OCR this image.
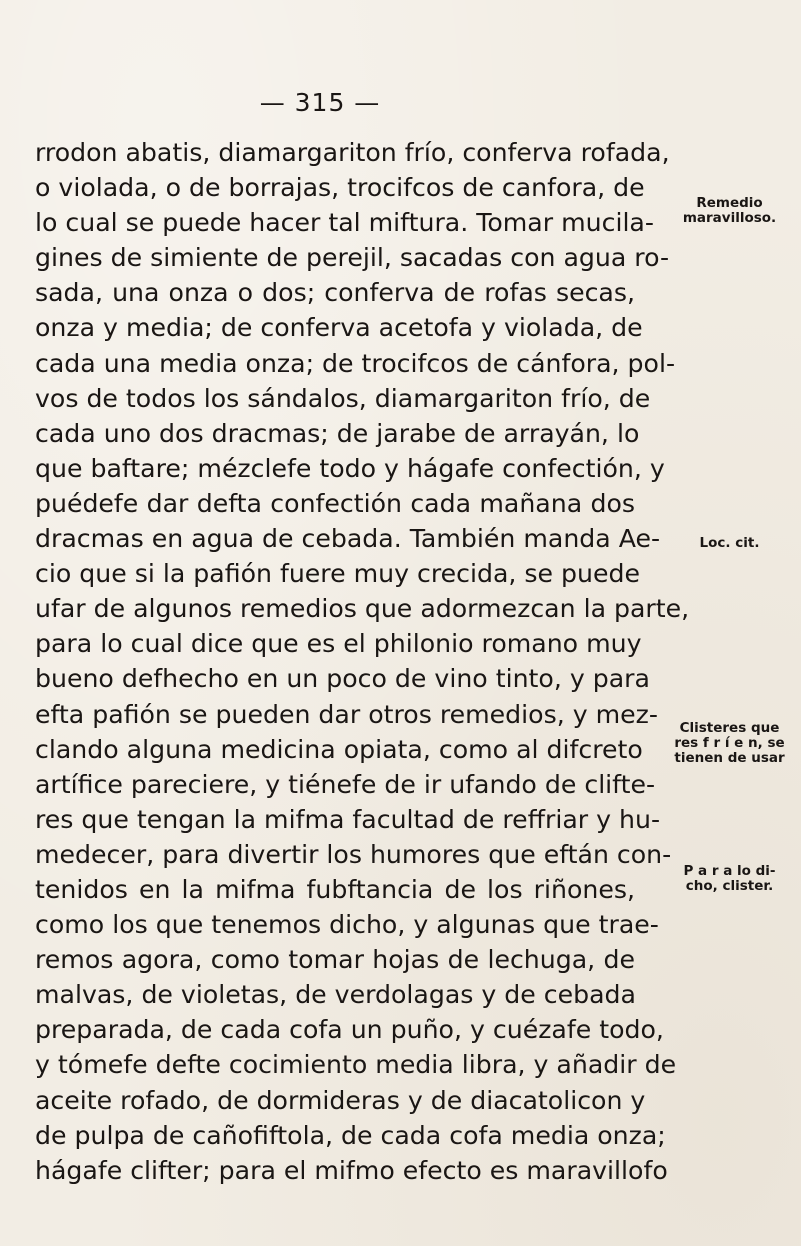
— 315 —
rrodon abatis, diamargariton frío, conferva rofada,
o violada, o de borrajas, trocifcos de canfora, de
lo cual se puede hacer tal miftura. Tomar mucila-
gines de simiente de perejil, sacadas con agua ro-
sada, una onza o dos; conferva de rofas secas,
onza y media; de conferva acetofa y violada, de
cada una media onza; de trocifcos de cánfora, pol-
vos de todos los sándalos, diamargariton frío, de
cada uno dos dracmas; de jarabe de arrayán, lo
que baftare; mézclefe todo y hágafe confectión, y
puédefe dar defta confectión cada mañana dos
dracmas en agua de cebada. También manda Ae-
cio que si la pafión fuere muy crecida, se puede
ufar de algunos remedios que adormezcan la parte,
para lo cual dice que es el philonio romano muy
bueno defhecho en un poco de vino tinto, y para
efta pafión se pueden dar otros remedios, y mez-
clando alguna medicina opiata, como al difcreto
artífice pareciere, y tiénefe de ir ufando de clifte-
res que tengan la mifma facultad de reffriar y hu-
medecer, para divertir los humores que eftán con-
tenidos en la mifma fubftancia de los riñones,
como los que tenemos dicho, y algunas que trae-
remos agora, como tomar hojas de lechuga, de
malvas, de violetas, de verdolagas y de cebada
preparada, de cada cofa un puño, y cuézafe todo,
y tómefe defte cocimiento media libra, y añadir de
aceite rofado, de dormideras y de diacatolicon y
de pulpa de cañofiftola, de cada cofa media onza;
hágafe clifter; para el mifmo efecto es maravillofo
Remedio
maravilloso.
Loc. cit.
Clisteres que
res f r í e n, se
tienen de usar
P a r a lo di-
cho, clister.
